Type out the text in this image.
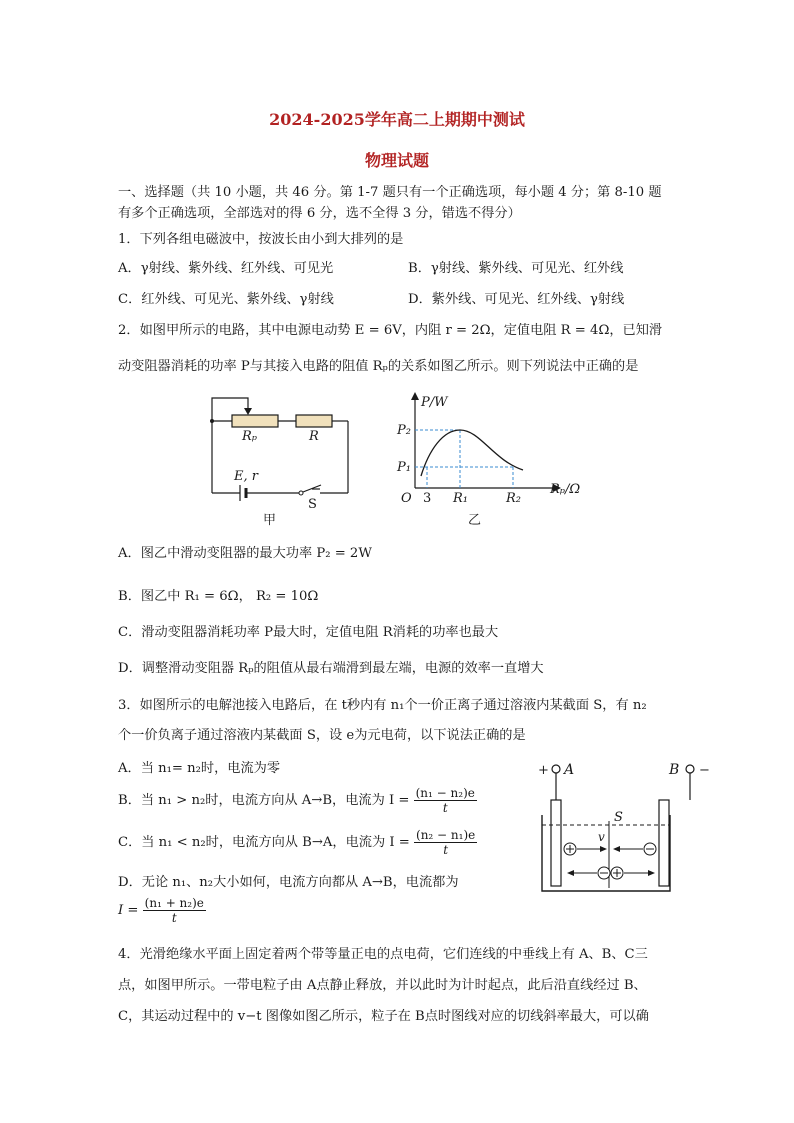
2024-2025学年高二上期期中测试
物理试题
一、选择题（共 10 小题，共 46 分。第 1-7 题只有一个正确选项，每小题 4 分；第 8-10 题
有多个正确选项，全部选对的得 6 分，选不全得 3 分，错选不得分）
1．下列各组电磁波中，按波长由小到大排列的是
A．γ射线、紫外线、红外线、可见光	B．γ射线、紫外线、可见光、红外线
C．红外线、可见光、紫外线、γ射线	D．紫外线、可见光、红外线、γ射线
2．如图甲所示的电路，其中电源电动势 E = 6V，内阻 r = 2Ω，定值电阻 R = 4Ω，已知滑
动变阻器消耗的功率 P与其接入电路的阻值 Rₚ的关系如图乙所示。则下列说法中正确的是
Rₚ	R
E, r
S
甲
P/W
Rₚ/Ω
O
P₂
P₁
3 R₁	R₂
乙
A．图乙中滑动变阻器的最大功率 P₂ = 2W
B．图乙中 R₁ = 6Ω， R₂ = 10Ω
C．滑动变阻器消耗功率 P最大时，定值电阻 R消耗的功率也最大
D．调整滑动变阻器 Rₚ的阻值从最右端滑到最左端，电源的效率一直增大
3．如图所示的电解池接入电路后，在 t秒内有 n₁个一价正离子通过溶液内某截面 S，有 n₂
个一价负离子通过溶液内某截面 S，设 e为元电荷，以下说法正确的是
A．当 n₁= n₂时，电流为零
B．当 n₁ > n₂时，电流方向从 A→B，电流为 $I = \frac{\text{(n₁ − n₂)e}}{t}$
C．当 n₁ < n₂时，电流方向从 B→A，电流为 $I = \frac{\text{(n₂ − n₁)e}}{t}$
D．无论 n₁、n₂大小如何，电流方向都从 A→B，电流都为
$I = \frac{\text{(n₁ + n₂)e}}{t}$
+ A	B −
S
v
4．光滑绝缘水平面上固定着两个带等量正电的点电荷，它们连线的中垂线上有 A、B、C三
点，如图甲所示。一带电粒子由 A点静止释放，并以此时为计时起点，此后沿直线经过 B、
C，其运动过程中的 v−t 图像如图乙所示，粒子在 B点时图线对应的切线斜率最大，可以确
